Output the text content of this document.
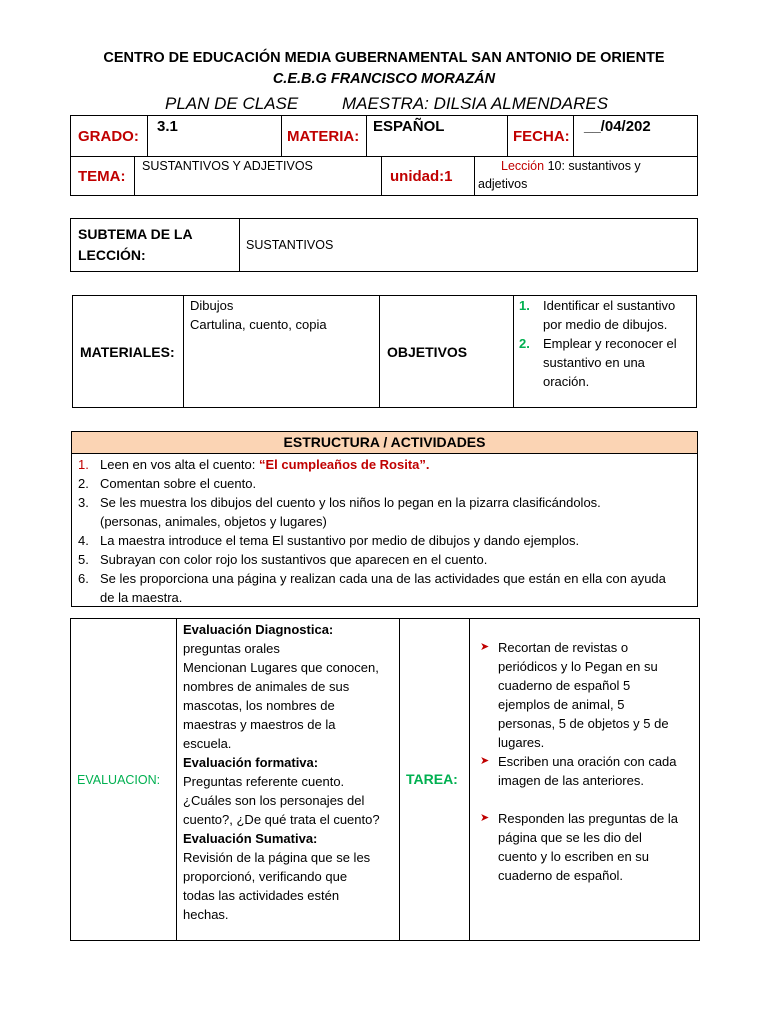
CENTRO DE EDUCACIÓN MEDIA GUBERNAMENTAL SAN ANTONIO DE ORIENTE
C.E.B.G FRANCISCO MORAZÁN
PLAN DE CLASE	MAESTRA: DILSIA ALMENDARES
GRADO:
3.1
MATERIA:
ESPAÑOL
FECHA:
__/04/202
TEMA:
SUSTANTIVOS Y ADJETIVOS
unidad:1
Lección 10: sustantivos y
adjetivos
SUBTEMA DE LA
LECCIÓN:
SUSTANTIVOS
MATERIALES:
Dibujos
Cartulina, cuento, copia
OBJETIVOS
1. Identificar el sustantivo
por medio de dibujos.
2. Emplear y reconocer el
sustantivo en una
oración.
ESTRUCTURA / ACTIVIDADES
1. Leen en vos alta el cuento: “El cumpleaños de Rosita”.
2. Comentan sobre el cuento.
3. Se les muestra los dibujos del cuento y los niños lo pegan en la pizarra clasificándolos.
(personas, animales, objetos y lugares)
4. La maestra introduce el tema El sustantivo por medio de dibujos y dando ejemplos.
5. Subrayan con color rojo los sustantivos que aparecen en el cuento.
6. Se les proporciona una página y realizan cada una de las actividades que están en ella con ayuda
de la maestra.
EVALUACION:
Evaluación Diagnostica:
preguntas orales
Mencionan Lugares que conocen,
nombres de animales de sus
mascotas, los nombres de
maestras y maestros de la
escuela.
Evaluación formativa:
Preguntas referente cuento.
¿Cuáles son los personajes del
cuento?, ¿De qué trata el cuento?
Evaluación Sumativa:
Revisión de la página que se les
proporcionó, verificando que
todas las actividades estén
hechas.
TAREA:
➤ Recortan de revistas o
periódicos y lo Pegan en su
cuaderno de español 5
ejemplos de animal, 5
personas, 5 de objetos y 5 de
lugares.
➤ Escriben una oración con cada
imagen de las anteriores.
➤ Responden las preguntas de la
página que se les dio del
cuento y lo escriben en su
cuaderno de español.
